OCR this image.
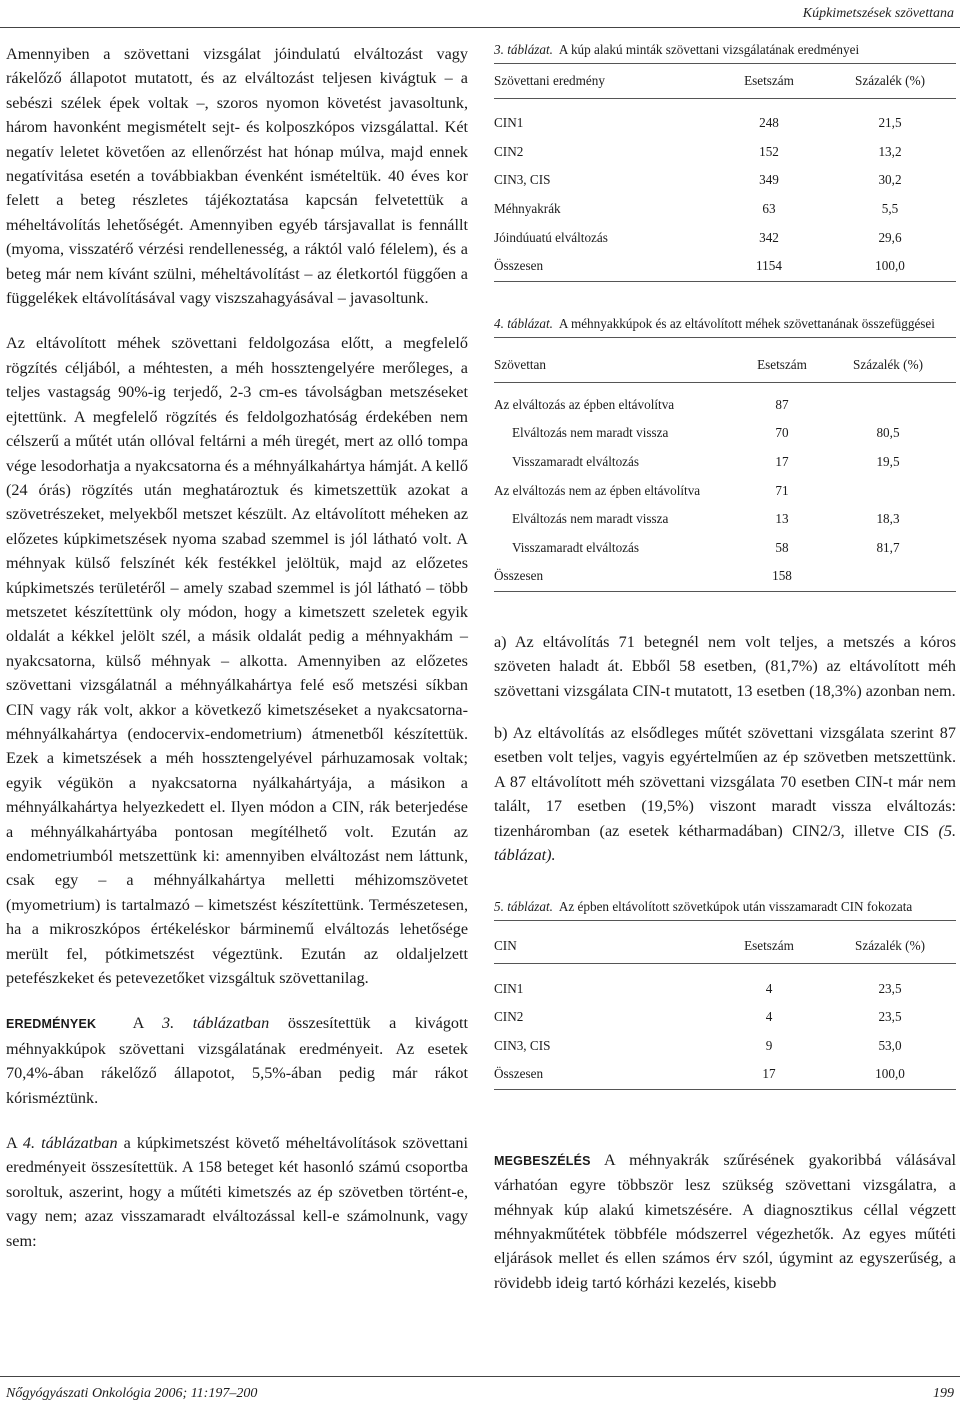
Kúpkimetszések szövettana

Amennyiben a szövettani vizsgálat jóindulatú elváltozást vagy rákelőző állapotot mutatott, és az elváltozást teljesen kivágtuk – a sebészi szélek épek voltak –, szoros nyomon követést javasoltunk, három havonként megismételt sejt- és kolposzkópos vizsgálattal. Két negatív leletet követően az ellenőrzést hat hónap múlva, majd ennek negatívitása esetén a továbbiakban évenként ismételtük. 40 éves kor felett a beteg részletes tájékoztatása kapcsán felvetettük a méheltávolítás lehetőségét. Amennyiben egyéb társjavallat is fennállt (myoma, visszatérő vérzési rendellenesség, a ráktól való félelem), és a beteg már nem kívánt szülni, méheltávolítást – az életkortól függően a függelékek eltávolításával vagy viszszahagyásával – javasoltunk.

Az eltávolított méhek szövettani feldolgozása előtt, a megfelelő rögzítés céljából, a méhtesten, a méh hossztengelyére merőleges, a teljes vastagság 90%-ig terjedő, 2-3 cm-es távolságban metszéseket ejtettünk. A megfelelő rögzítés és feldolgozhatóság érdekében nem célszerű a műtét után ollóval feltárni a méh üregét, mert az olló tompa vége lesodorhatja a nyakcsatorna és a méhnyálkahártya hámját. A kellő (24 órás) rögzítés után meghatároztuk és kimetszettük azokat a szövetrészeket, melyekből metszet készült. Az eltávolított méheken az előzetes kúpkimetszések nyoma szabad szemmel is jól látható volt. A méhnyak külső felszínét kék festékkel jelöltük, majd az előzetes kúpkimetszés területéről – amely szabad szemmel is jól látható – több metszetet készítettünk oly módon, hogy a kimetszett szeletek egyik oldalát a kékkel jelölt szél, a másik oldalát pedig a méhnyakhám – nyakcsatorna, külső méhnyak – alkotta. Amennyiben az előzetes szövettani vizsgálatnál a méhnyálkahártya felé eső metszési síkban CIN vagy rák volt, akkor a következő kimetszéseket a nyakcsatorna-méhnyálkahártya (endocervix-endometrium) átmenetből készítettük. Ezek a kimetszések a méh hossztengelyével párhuzamosak voltak; egyik végükön a nyakcsatorna nyálkahártyája, a másikon a méhnyálkahártya helyezkedett el. Ilyen módon a CIN, rák beterjedése a méhnyálkahártyába pontosan megítélhető volt. Ezután az endometriumból metszettünk ki: amennyiben elváltozást nem láttunk, csak egy – a méhnyálkahártya melletti méhizomszövetet (myometrium) is tartalmazó – kimetszést készítettünk. Természetesen, ha a mikroszkópos értékeléskor bárminemű elváltozás lehetősége merült fel, pótkimetszést végeztünk. Ezután az oldaljelzett petefészkeket és petevezetőket vizsgáltuk szövettanilag.

EREDMÉNYEK A 3. táblázatban összesítettük a kivágott méhnyakkúpok szövettani vizsgálatának eredményeit. Az esetek 70,4%-ában rákelőző állapotot, 5,5%-ában pedig már rákot kórisméztünk.

A 4. táblázatban a kúpkimetszést követő méheltávolítások szövettani eredményeit összesítettük. A 158 beteget két hasonló számú csoportba soroltuk, aszerint, hogy a műtéti kimetszés az ép szövetben történt-e, vagy nem; azaz visszamaradt elváltozással kell-e számolnunk, vagy sem:

3. táblázat. A kúp alakú minták szövettani vizsgálatának eredményei
Szövettani eredmény	Esetszám	Százalék (%)
CIN1	248	21,5
CIN2	152	13,2
CIN3, CIS	349	30,2
Méhnyakrák	63	5,5
Jóindúuatú elváltozás	342	29,6
Összesen	1154	100,0
4. táblázat. A méhnyakkúpok és az eltávolított méhek szövettanának összefüggései
Szövettan	Esetszám	Százalék (%)
Az elváltozás az épben eltávolítva	87
Elváltozás nem maradt vissza	70	80,5
Visszamaradt elváltozás	17	19,5
Az elváltozás nem az épben eltávolítva	71
Elváltozás nem maradt vissza	13	18,3
Visszamaradt elváltozás	58	81,7
Összesen	158

a) Az eltávolítás 71 betegnél nem volt teljes, a metszés a kóros szöveten haladt át. Ebből 58 esetben, (81,7%) az eltávolított méh szövettani vizsgálata CIN-t mutatott, 13 esetben (18,3%) azonban nem.

b) Az eltávolítás az elsődleges műtét szövettani vizsgálata szerint 87 esetben volt teljes, vagyis egyértelműen az ép szövetben metszettünk. A 87 eltávolított méh szövettani vizsgálata 70 esetben CIN-t már nem talált, 17 esetben (19,5%) viszont maradt vissza elváltozás: tizenháromban (az esetek kétharmadában) CIN2/3, illetve CIS (5. táblázat).

5. táblázat. Az épben eltávolított szövetkúpok után visszamaradt CIN fokozata
CIN	Esetszám	Százalék (%)
CIN1	4	23,5
CIN2	4	23,5
CIN3, CIS	9	53,0
Összesen	17	100,0

MEGBESZÉLÉS A méhnyakrák szűrésének gyakoribbá válásával várhatóan egyre többször lesz szükség szövettani vizsgálatra, a méhnyak kúp alakú kimetszésére. A diagnosztikus céllal végzett méhnyakműtétek többféle módszerrel végezhetők. Az egyes műtéti eljárások mellet és ellen számos érv szól, úgymint az egyszerűség, a rövidebb ideig tartó kórházi kezelés, kisebb

Nőgyógyászati Onkológia 2006; 11:197–200	199
